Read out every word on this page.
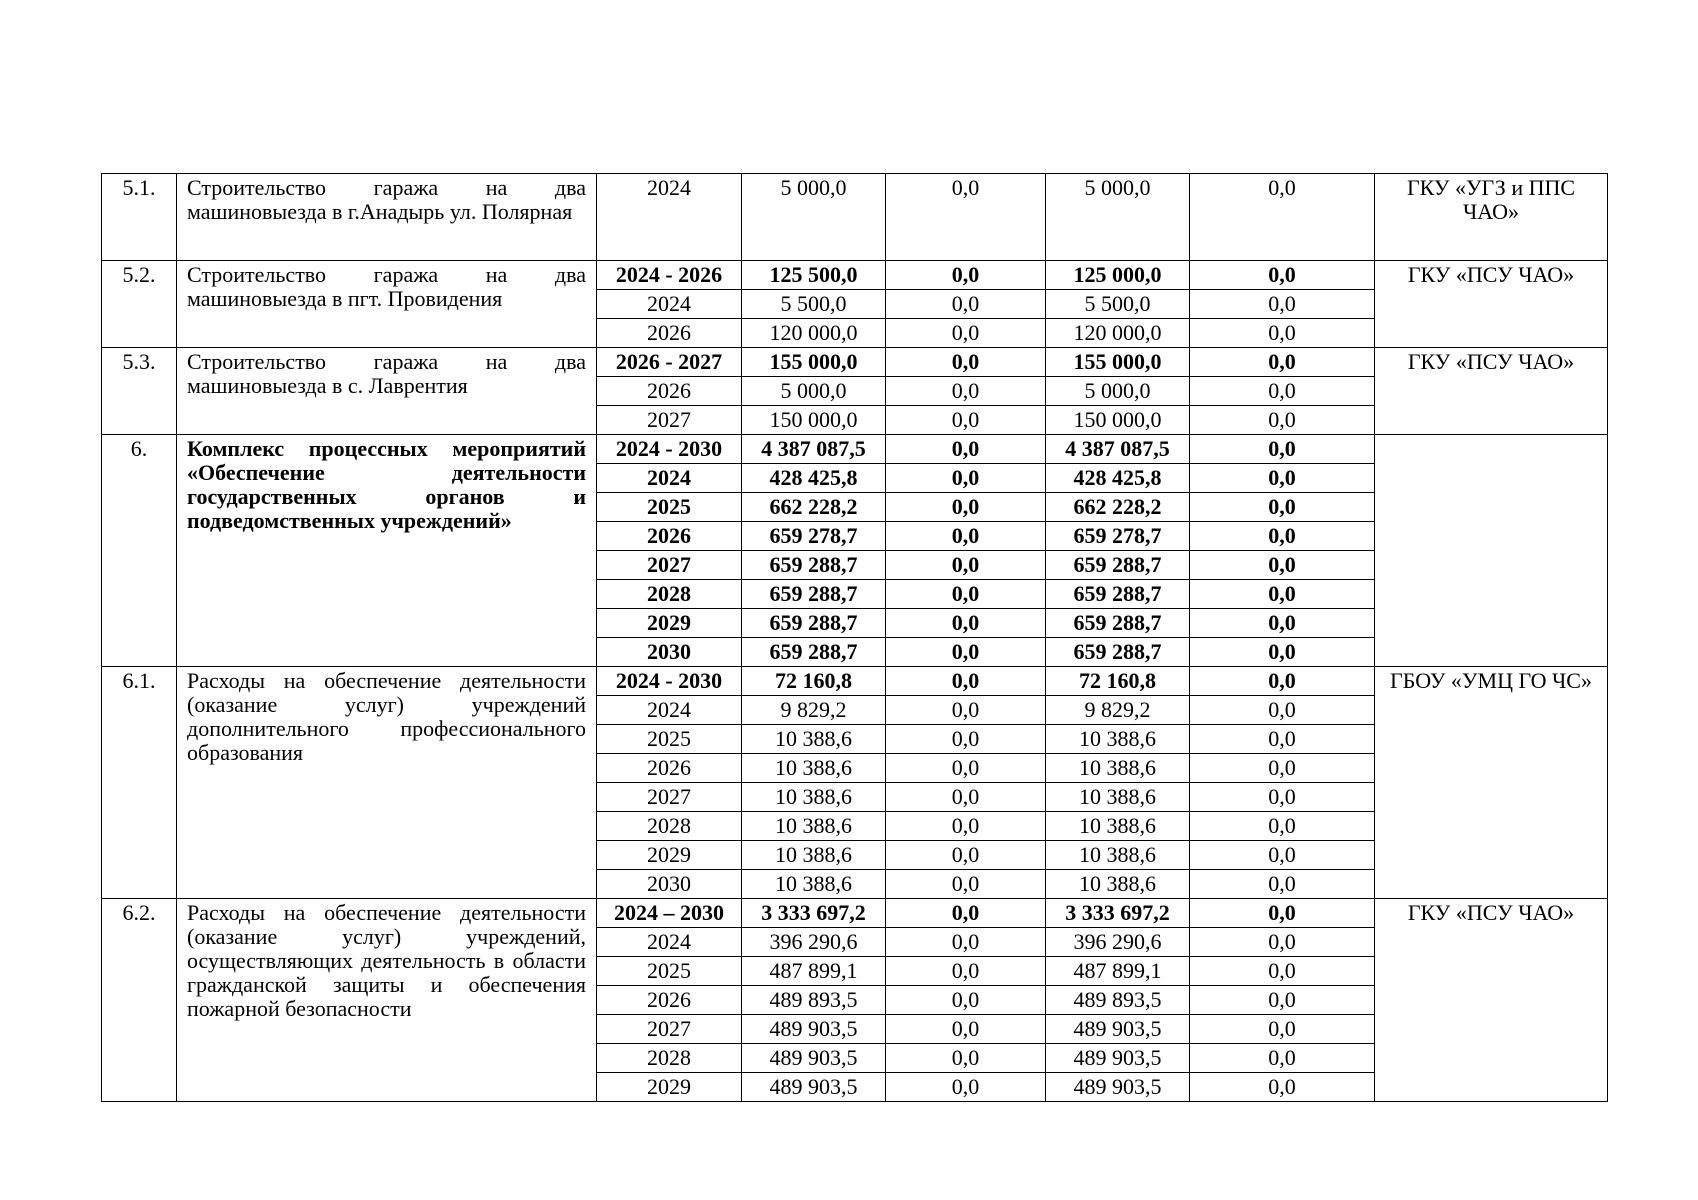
5.1.	Строительство гаража на два машиновыезда в г.Анадырь ул. Полярная	2024	5 000,0	0,0	5 000,0	0,0	ГКУ «УГЗ и ППС ЧАО»
5.2.	Строительство гаража на два машиновыезда в пгт. Провидения	2024 - 2026	125 500,0	0,0	125 000,0	0,0	ГКУ «ПСУ ЧАО»
		2024	5 500,0	0,0	5 500,0	0,0	
		2026	120 000,0	0,0	120 000,0	0,0	
5.3.	Строительство гаража на два машиновыезда в с. Лаврентия	2026 - 2027	155 000,0	0,0	155 000,0	0,0	ГКУ «ПСУ ЧАО»
		2026	5 000,0	0,0	5 000,0	0,0	
		2027	150 000,0	0,0	150 000,0	0,0	
6.	Комплекс процессных мероприятий «Обеспечение деятельности государственных органов и подведомственных учреждений»	2024 - 2030	4 387 087,5	0,0	4 387 087,5	0,0	
		2024	428 425,8	0,0	428 425,8	0,0	
		2025	662 228,2	0,0	662 228,2	0,0	
		2026	659 278,7	0,0	659 278,7	0,0	
		2027	659 288,7	0,0	659 288,7	0,0	
		2028	659 288,7	0,0	659 288,7	0,0	
		2029	659 288,7	0,0	659 288,7	0,0	
		2030	659 288,7	0,0	659 288,7	0,0	
6.1.	Расходы на обеспечение деятельности (оказание услуг) учреждений дополнительного профессионального образования	2024 - 2030	72 160,8	0,0	72 160,8	0,0	ГБОУ «УМЦ ГО ЧС»
		2024	9 829,2	0,0	9 829,2	0,0	
		2025	10 388,6	0,0	10 388,6	0,0	
		2026	10 388,6	0,0	10 388,6	0,0	
		2027	10 388,6	0,0	10 388,6	0,0	
		2028	10 388,6	0,0	10 388,6	0,0	
		2029	10 388,6	0,0	10 388,6	0,0	
		2030	10 388,6	0,0	10 388,6	0,0	
6.2.	Расходы на обеспечение деятельности (оказание услуг) учреждений, осуществляющих деятельность в области гражданской защиты и обеспечения пожарной безопасности	2024 – 2030	3 333 697,2	0,0	3 333 697,2	0,0	ГКУ «ПСУ ЧАО»
		2024	396 290,6	0,0	396 290,6	0,0	
		2025	487 899,1	0,0	487 899,1	0,0	
		2026	489 893,5	0,0	489 893,5	0,0	
		2027	489 903,5	0,0	489 903,5	0,0	
		2028	489 903,5	0,0	489 903,5	0,0	
		2029	489 903,5	0,0	489 903,5	0,0	
